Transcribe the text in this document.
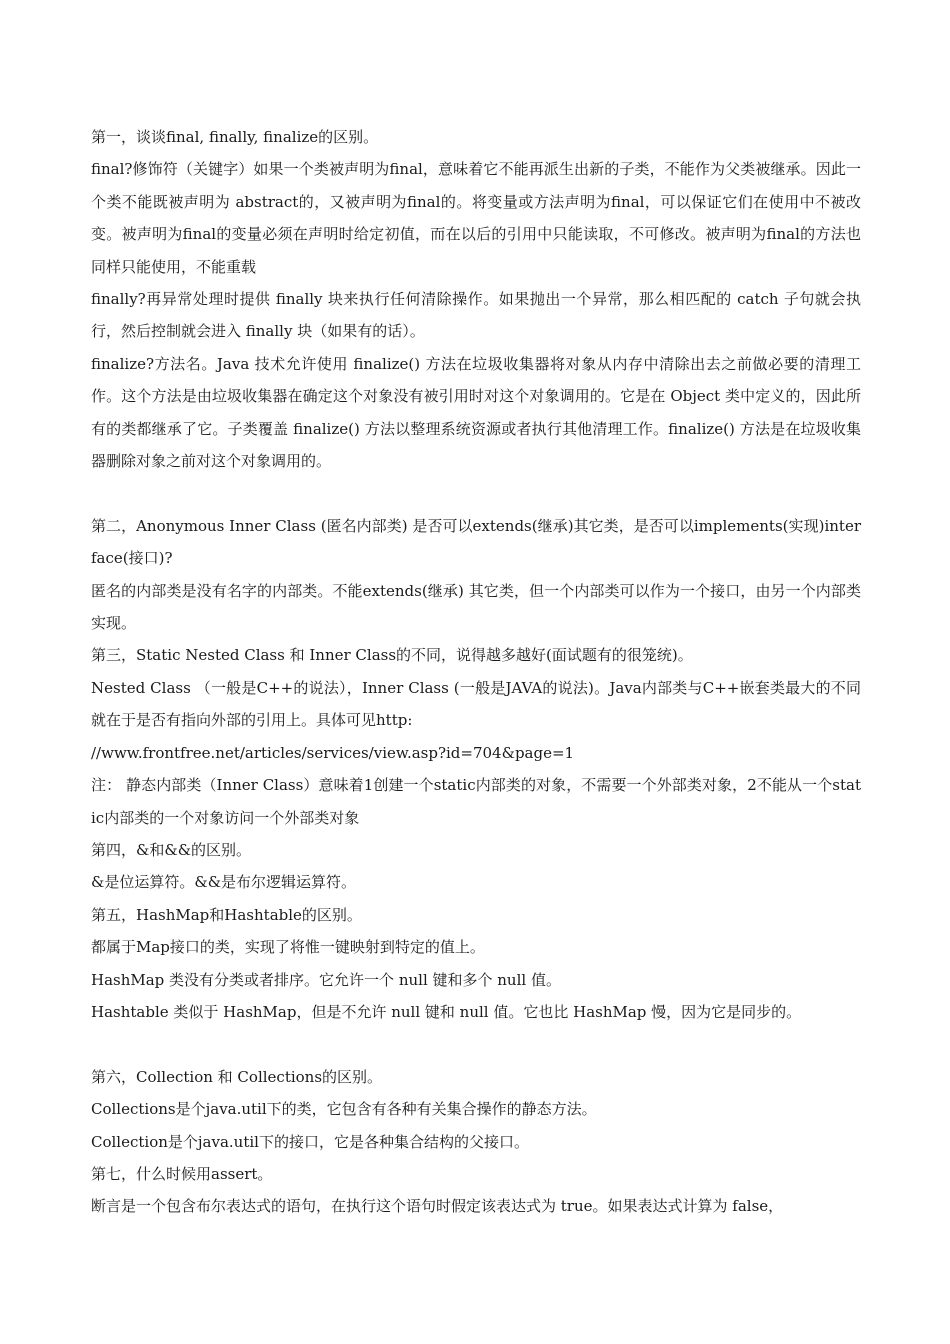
第一，谈谈final, finally, finalize的区别。

final?修饰符（关键字）如果一个类被声明为final，意味着它不能再派生出新的子类，不能作为父类被继承。因此一个类不能既被声明为 abstract的，又被声明为final的。将变量或方法声明为final，可以保证它们在使用中不被改变。被声明为final的变量必须在声明时给定初值，而在以后的引用中只能读取，不可修改。被声明为final的方法也同样只能使用，不能重载

finally?再异常处理时提供 finally 块来执行任何清除操作。如果抛出一个异常，那么相匹配的 catch 子句就会执行，然后控制就会进入 finally 块（如果有的话）。

finalize?方法名。Java 技术允许使用 finalize() 方法在垃圾收集器将对象从内存中清除出去之前做必要的清理工作。这个方法是由垃圾收集器在确定这个对象没有被引用时对这个对象调用的。它是在 Object 类中定义的，因此所有的类都继承了它。子类覆盖 finalize() 方法以整理系统资源或者执行其他清理工作。finalize() 方法是在垃圾收集器删除对象之前对这个对象调用的。

第二，Anonymous Inner Class (匿名内部类) 是否可以extends(继承)其它类，是否可以implements(实现)interface(接口)?

匿名的内部类是没有名字的内部类。不能extends(继承) 其它类，但一个内部类可以作为一个接口，由另一个内部类实现。

第三，Static Nested Class 和 Inner Class的不同，说得越多越好(面试题有的很笼统)。

Nested Class （一般是C++的说法），Inner Class (一般是JAVA的说法)。Java内部类与C++嵌套类最大的不同就在于是否有指向外部的引用上。具体可见http:

//www.frontfree.net/articles/services/view.asp?id=704&page=1

注： 静态内部类（Inner Class）意味着1创建一个static内部类的对象，不需要一个外部类对象，2不能从一个static内部类的一个对象访问一个外部类对象

第四，&和&&的区别。

&是位运算符。&&是布尔逻辑运算符。

第五，HashMap和Hashtable的区别。

都属于Map接口的类，实现了将惟一键映射到特定的值上。

HashMap 类没有分类或者排序。它允许一个 null 键和多个 null 值。

Hashtable 类似于 HashMap，但是不允许 null 键和 null 值。它也比 HashMap 慢，因为它是同步的。

第六，Collection 和 Collections的区别。

Collections是个java.util下的类，它包含有各种有关集合操作的静态方法。

Collection是个java.util下的接口，它是各种集合结构的父接口。

第七，什么时候用assert。

断言是一个包含布尔表达式的语句，在执行这个语句时假定该表达式为 true。如果表达式计算为 false，
